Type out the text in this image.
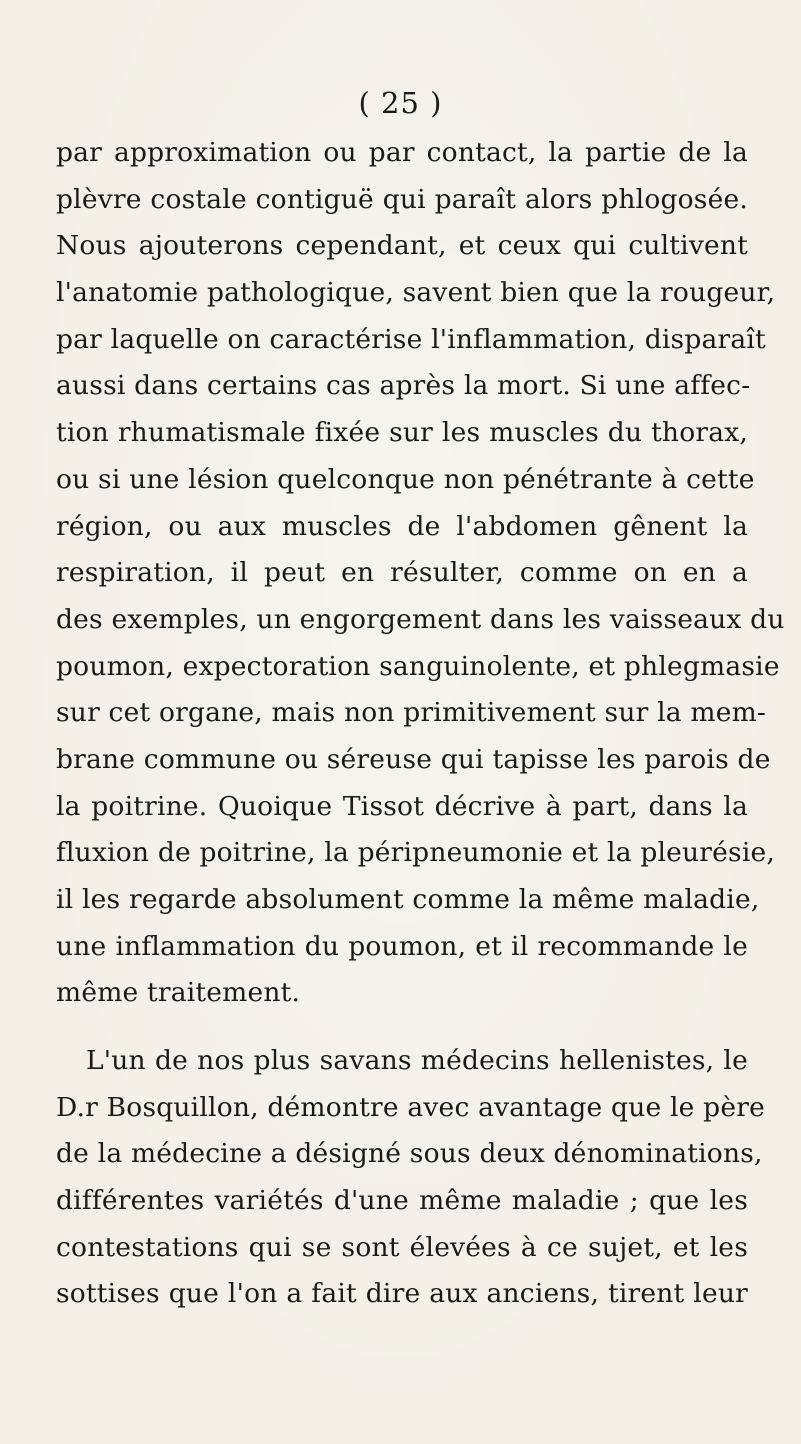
( 25 )
par approximation ou par contact, la partie de la
plèvre costale contiguë qui paraît alors phlogosée.
Nous ajouterons cependant, et ceux qui cultivent
l'anatomie pathologique, savent bien que la rougeur,
par laquelle on caractérise l'inflammation, disparaît
aussi dans certains cas après la mort. Si une affec-
tion rhumatismale fixée sur les muscles du thorax,
ou si une lésion quelconque non pénétrante à cette
région, ou aux muscles de l'abdomen gênent la
respiration, il peut en résulter, comme on en a
des exemples, un engorgement dans les vaisseaux du
poumon, expectoration sanguinolente, et phlegmasie
sur cet organe, mais non primitivement sur la mem-
brane commune ou séreuse qui tapisse les parois de
la poitrine. Quoique Tissot décrive à part, dans la
fluxion de poitrine, la péripneumonie et la pleurésie,
il les regarde absolument comme la même maladie,
une inflammation du poumon, et il recommande le
même traitement.
L'un de nos plus savans médecins hellenistes, le
D.r Bosquillon, démontre avec avantage que le père
de la médecine a désigné sous deux dénominations,
différentes variétés d'une même maladie ; que les
contestations qui se sont élevées à ce sujet, et les
sottises que l'on a fait dire aux anciens, tirent leur
